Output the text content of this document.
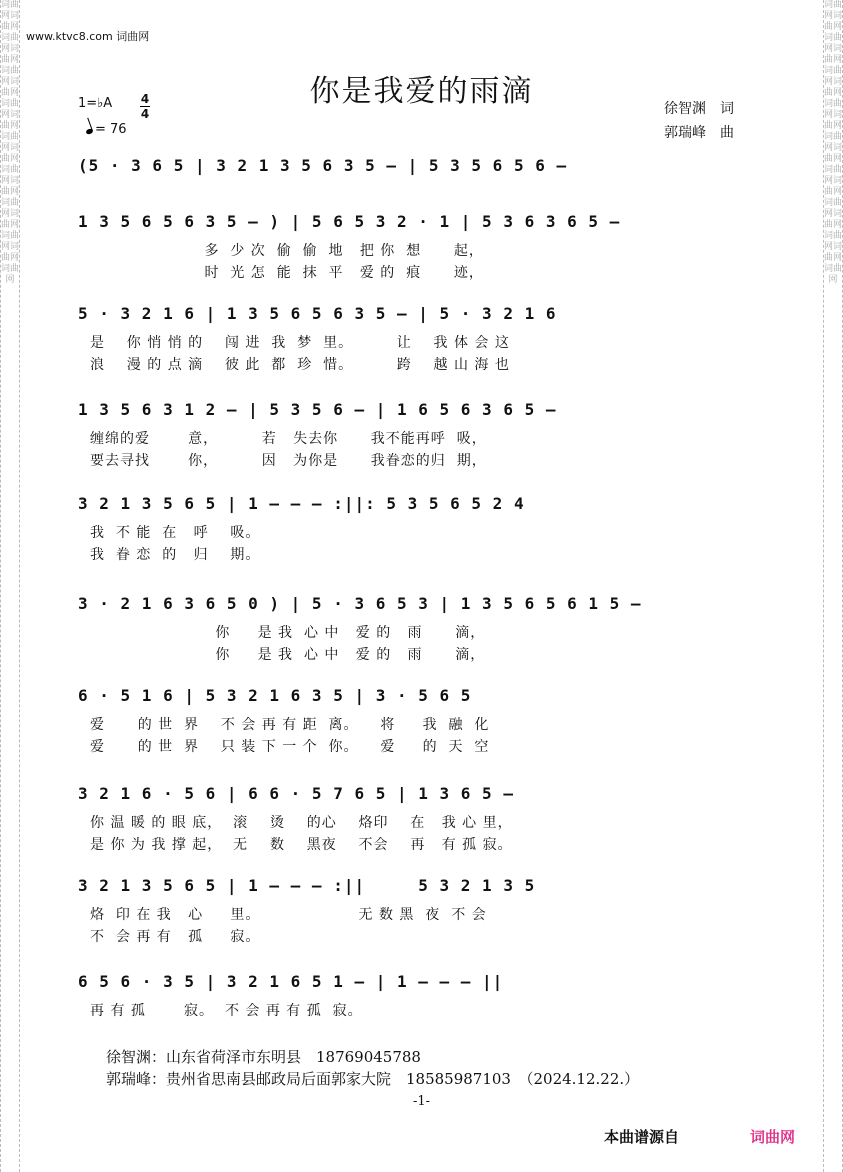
词曲网词曲网词曲网词曲网词曲网词曲网词曲网词曲网词曲网词曲网词曲网词曲网词曲网词曲网词曲网词曲网词曲网
词曲网词曲网词曲网词曲网词曲网词曲网词曲网词曲网词曲网词曲网词曲网词曲网词曲网词曲网词曲网词曲网词曲网
www.ktvc8.com 词曲网
你是我爱的雨滴
1=♭A 4
4
= 76
徐智渊　词
郭瑞峰　曲
(5 · 3 6 5 | 3 2 1 3 5 6 3 5 – | 5 3 5 6 5 6 –
1 3 5 6 5 6 3 5 – ) | 5 6 5 3 2 · 1 | 5 3 6 3 6 5 –
多  少 次  偷  偷  地   把 你  想      起，
时  光 怎  能  抹  平   爱 的  痕      迹，
5 · 3 2 1 6 | 1 3 5 6 5 6 3 5 – | 5 · 3 2 1 6
是    你 悄 悄 的    闯 进  我  梦  里。        让    我 体 会 这
浪    漫 的 点 滴    彼 此  都  珍  惜。        跨    越 山 海 也
1 3 5 6 3 1 2 – | 5 3 5 6 – | 1 6 5 6 3 6 5 –
缠绵的爱       意，        若   失去你      我不能再呼  吸，
要去寻找       你，        因   为你是      我眷恋的归  期，
3 2 1 3 5 6 5 | 1 – – – :||: 5 3 5 6 5 2 4
我  不 能  在   呼    吸。
我  眷 恋  的   归    期。
3 · 2 1 6 3 6 5 0 ) | 5 · 3 6 5 3 | 1 3 5 6 5 6 1 5 –
你     是 我  心 中   爱 的   雨      滴，
你     是 我  心 中   爱 的   雨      滴，
6 · 5 1 6 | 5 3 2 1 6 3 5 | 3 · 5 6 5
爱      的 世  界    不 会 再 有 距  离。    将     我  融  化
爱      的 世  界    只 装 下 一 个  你。    爱     的  天  空
3 2 1 6 · 5 6 | 6 6 · 5 7 6 5 | 1 3 6 5 –
你 温 暖 的 眼 底，  滚    烫    的心    烙印    在   我 心 里，
是 你 为 我 撑 起，  无    数    黑夜    不会    再   有 孤 寂。
3 2 1 3 5 6 5 | 1 – – – :||     5 3 2 1 3 5
烙  印 在 我   心     里。                  无 数 黑  夜  不 会
不  会 再 有   孤     寂。
6 5 6 · 3 5 | 3 2 1 6 5 1 – | 1 – – – ||
再 有 孤       寂。  不 会 再 有 孤  寂。
徐智渊：山东省荷泽市东明县　18769045788
郭瑞峰：贵州省思南县邮政局后面郭家大院　18585987103　（2024.12.22.）
-1-
本曲谱源自	词曲网
